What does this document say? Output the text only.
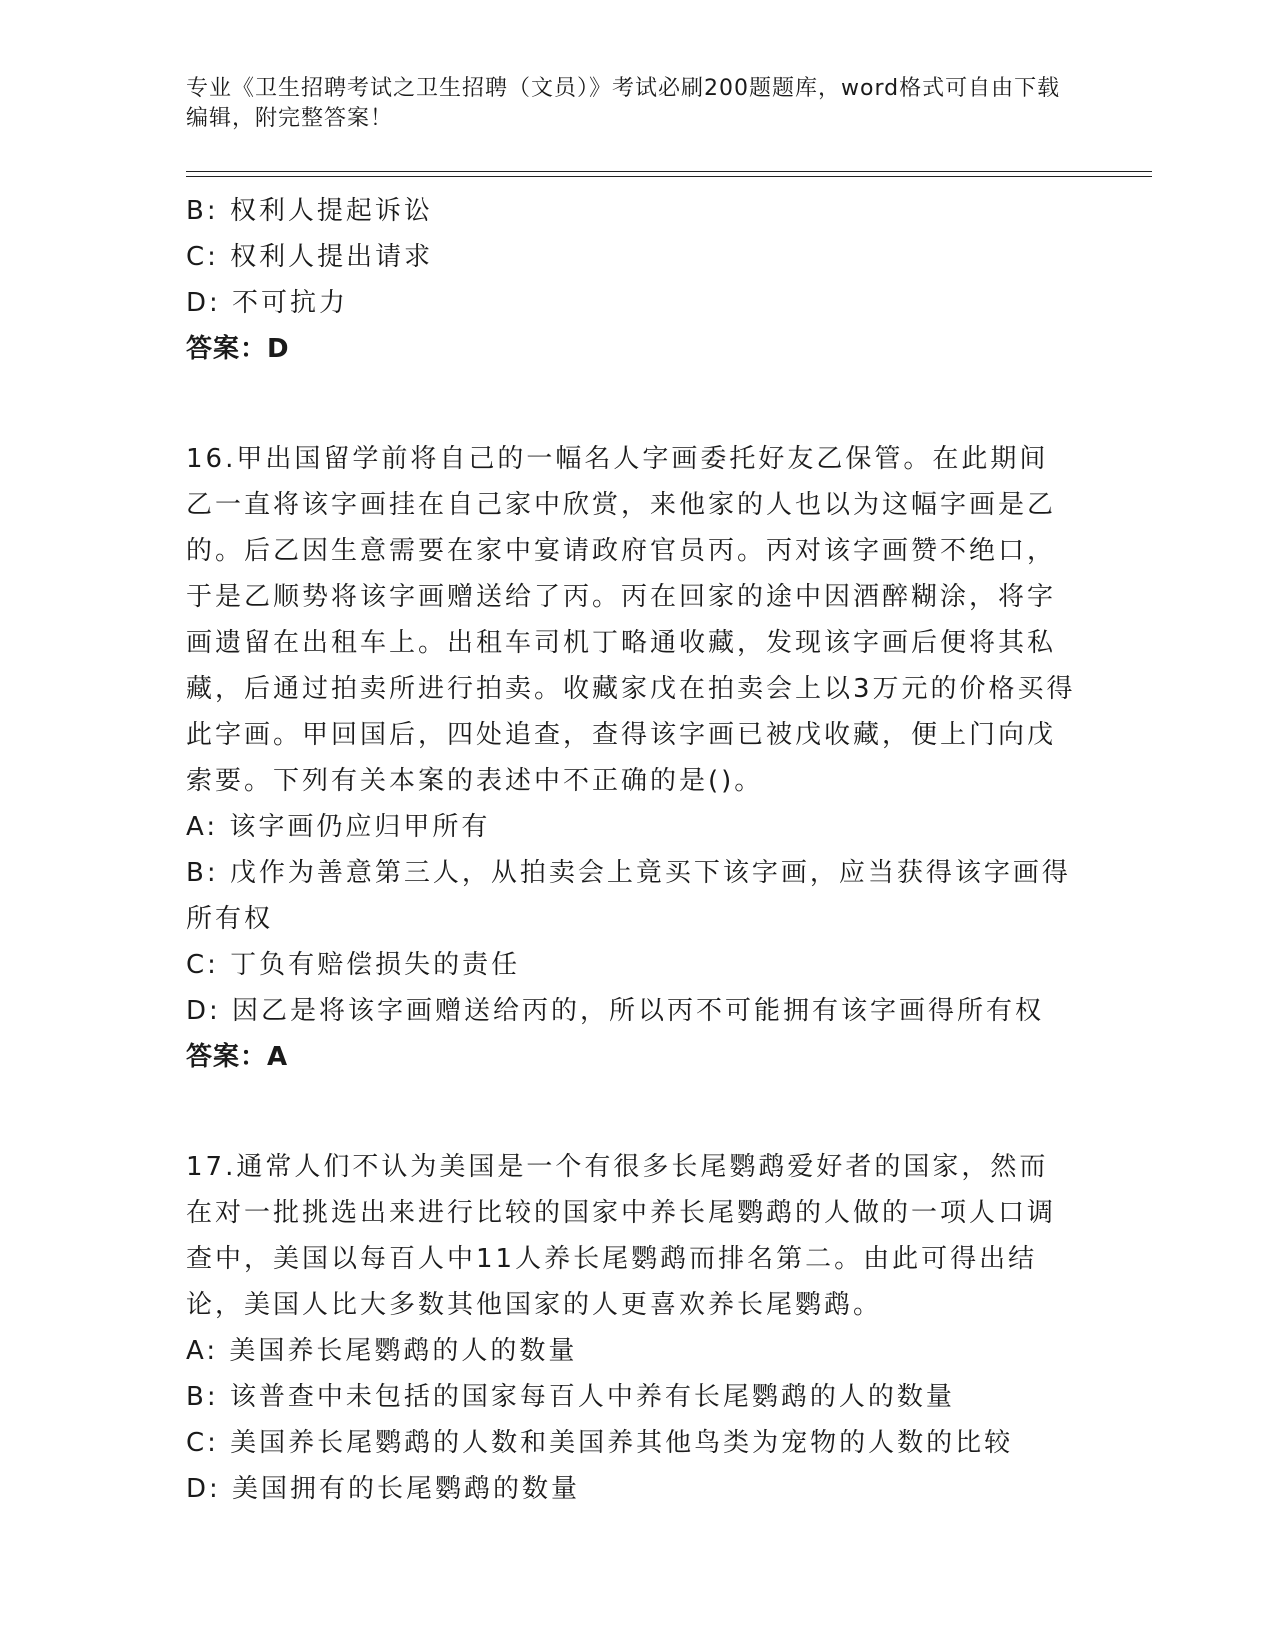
专业《卫生招聘考试之卫生招聘（文员）》考试必刷200题题库，word格式可自由下载编辑，附完整答案！

B: 权利人提起诉讼

C: 权利人提出请求

D: 不可抗力

答案：D

16.甲出国留学前将自己的一幅名人字画委托好友乙保管。在此期间乙一直将该字画挂在自己家中欣赏，来他家的人也以为这幅字画是乙的。后乙因生意需要在家中宴请政府官员丙。丙对该字画赞不绝口，于是乙顺势将该字画赠送给了丙。丙在回家的途中因酒醉糊涂，将字画遗留在出租车上。出租车司机丁略通收藏，发现该字画后便将其私藏，后通过拍卖所进行拍卖。收藏家戊在拍卖会上以3万元的价格买得此字画。甲回国后，四处追查，查得该字画已被戊收藏，便上门向戊索要。下列有关本案的表述中不正确的是()。

A: 该字画仍应归甲所有

B: 戊作为善意第三人，从拍卖会上竟买下该字画，应当获得该字画得所有权

C: 丁负有赔偿损失的责任

D: 因乙是将该字画赠送给丙的，所以丙不可能拥有该字画得所有权

答案：A

17.通常人们不认为美国是一个有很多长尾鹦鹉爱好者的国家，然而在对一批挑选出来进行比较的国家中养长尾鹦鹉的人做的一项人口调查中，美国以每百人中11人养长尾鹦鹉而排名第二。由此可得出结论，美国人比大多数其他国家的人更喜欢养长尾鹦鹉。

A: 美国养长尾鹦鹉的人的数量

B: 该普查中未包括的国家每百人中养有长尾鹦鹉的人的数量

C: 美国养长尾鹦鹉的人数和美国养其他鸟类为宠物的人数的比较

D: 美国拥有的长尾鹦鹉的数量
